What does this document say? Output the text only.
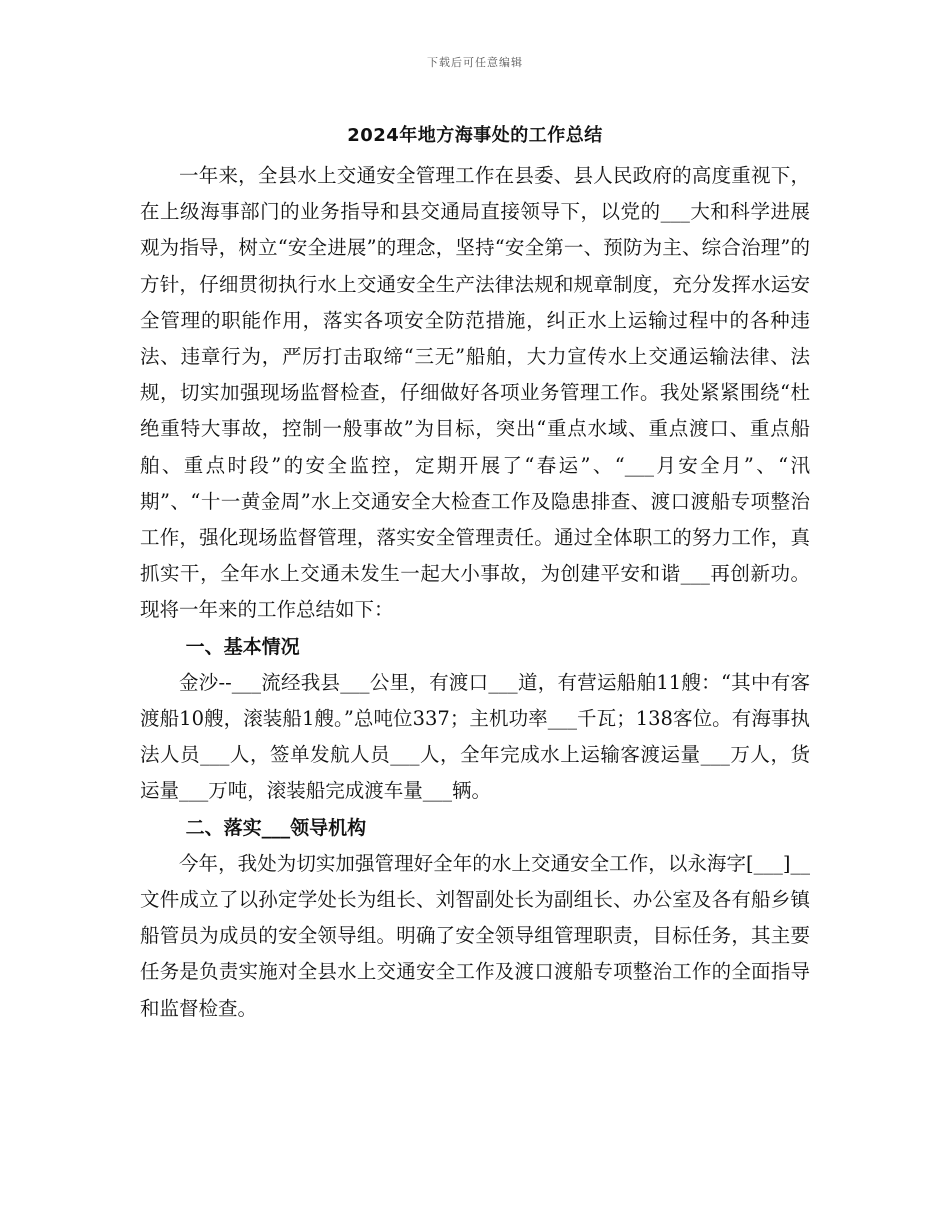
下载后可任意编辑
2024年地方海事处的工作总结

一年来，全县水上交通安全管理工作在县委、县人民政府的高度重视下，在上级海事部门的业务指导和县交通局直接领导下，以党的___大和科学进展观为指导，树立“安全进展”的理念，坚持“安全第一、预防为主、综合治理”的方针，仔细贯彻执行水上交通安全生产法律法规和规章制度，充分发挥水运安全管理的职能作用，落实各项安全防范措施，纠正水上运输过程中的各种违法、违章行为，严厉打击取缔“三无”船舶，大力宣传水上交通运输法律、法规，切实加强现场监督检查，仔细做好各项业务管理工作。我处紧紧围绕“杜绝重特大事故，控制一般事故”为目标，突出“重点水域、重点渡口、重点船舶、重点时段”的安全监控，定期开展了“春运”、“___月安全月”、“汛期”、“十一黄金周”水上交通安全大检查工作及隐患排查、渡口渡船专项整治工作，强化现场监督管理，落实安全管理责任。通过全体职工的努力工作，真抓实干，全年水上交通未发生一起大小事故，为创建平安和谐___再创新功。现将一年来的工作总结如下：

一、基本情况

金沙--___流经我县___公里，有渡口___道，有营运船舶11艘：“其中有客渡船10艘，滚装船1艘。”总吨位337；主机功率___千瓦；138客位。有海事执法人员___人，签单发航人员___人，全年完成水上运输客渡运量___万人，货运量___万吨，滚装船完成渡车量___辆。

二、落实___领导机构

今年，我处为切实加强管理好全年的水上交通安全工作，以永海字[___]__文件成立了以孙定学处长为组长、刘智副处长为副组长、办公室及各有船乡镇船管员为成员的安全领导组。明确了安全领导组管理职责，目标任务，其主要任务是负责实施对全县水上交通安全工作及渡口渡船专项整治工作的全面指导和监督检查。
